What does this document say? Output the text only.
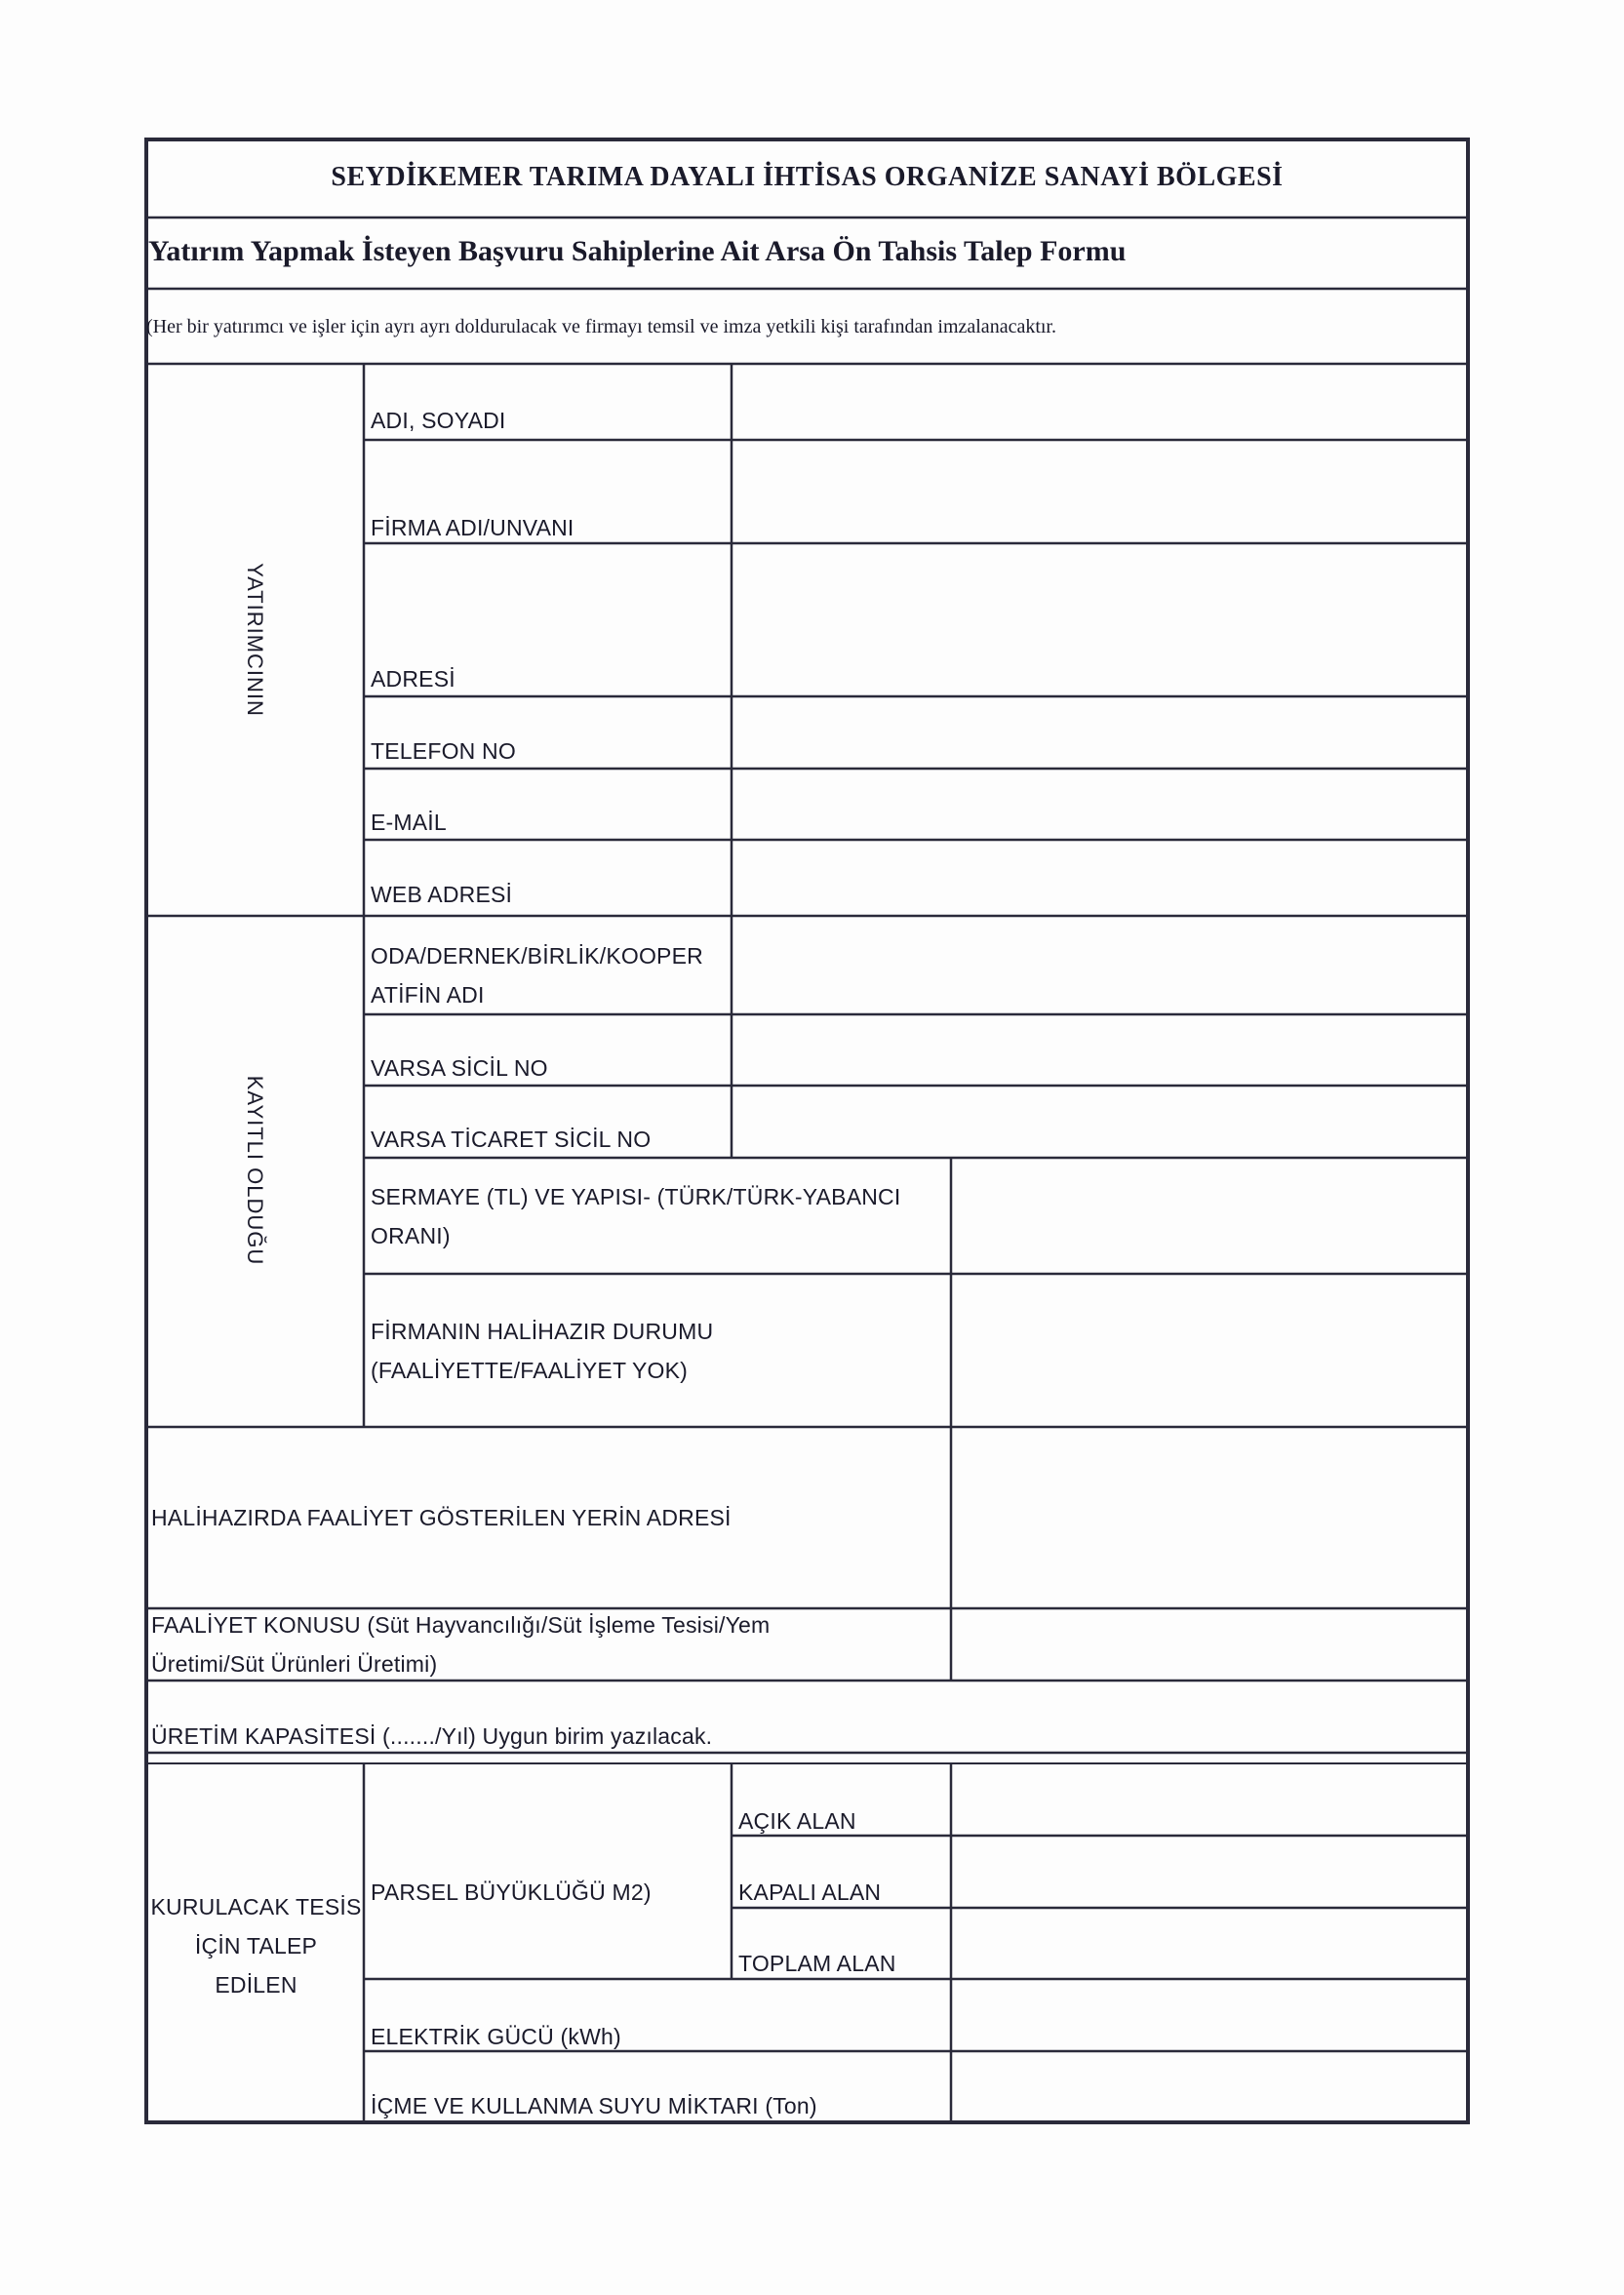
SEYDİKEMER TARIMA DAYALI İHTİSAS ORGANİZE SANAYİ BÖLGESİ
Yatırım Yapmak İsteyen Başvuru Sahiplerine Ait Arsa Ön Tahsis Talep Formu
(Her bir yatırımcı ve işler için ayrı ayrı doldurulacak ve firmayı temsil ve imza yetkili kişi tarafından imzalanacaktır.
YATIRIMCININ
KAYITLI OLDUĞU
ADI, SOYADI
FİRMA ADI/UNVANI
ADRESİ
TELEFON NO
E-MAİL
WEB ADRESİ
ODA/DERNEK/BİRLİK/KOOPER
ATİFİN ADI
VARSA SİCİL NO
VARSA TİCARET SİCİL NO
SERMAYE (TL) VE YAPISI- (TÜRK/TÜRK-YABANCI
ORANI)
FİRMANIN HALİHAZIR DURUMU
(FAALİYETTE/FAALİYET YOK)
HALİHAZIRDA FAALİYET GÖSTERİLEN YERİN ADRESİ
FAALİYET KONUSU (Süt Hayvancılığı/Süt İşleme Tesisi/Yem
Üretimi/Süt Ürünleri Üretimi)
ÜRETİM KAPASİTESİ (......./Yıl) Uygun birim yazılacak.
KURULACAK TESİS
İÇİN TALEP
EDİLEN
PARSEL BÜYÜKLÜĞÜ M2)
AÇIK ALAN
KAPALI ALAN
TOPLAM ALAN
ELEKTRİK GÜCÜ (kWh)
İÇME VE KULLANMA SUYU MİKTARI (Ton)
